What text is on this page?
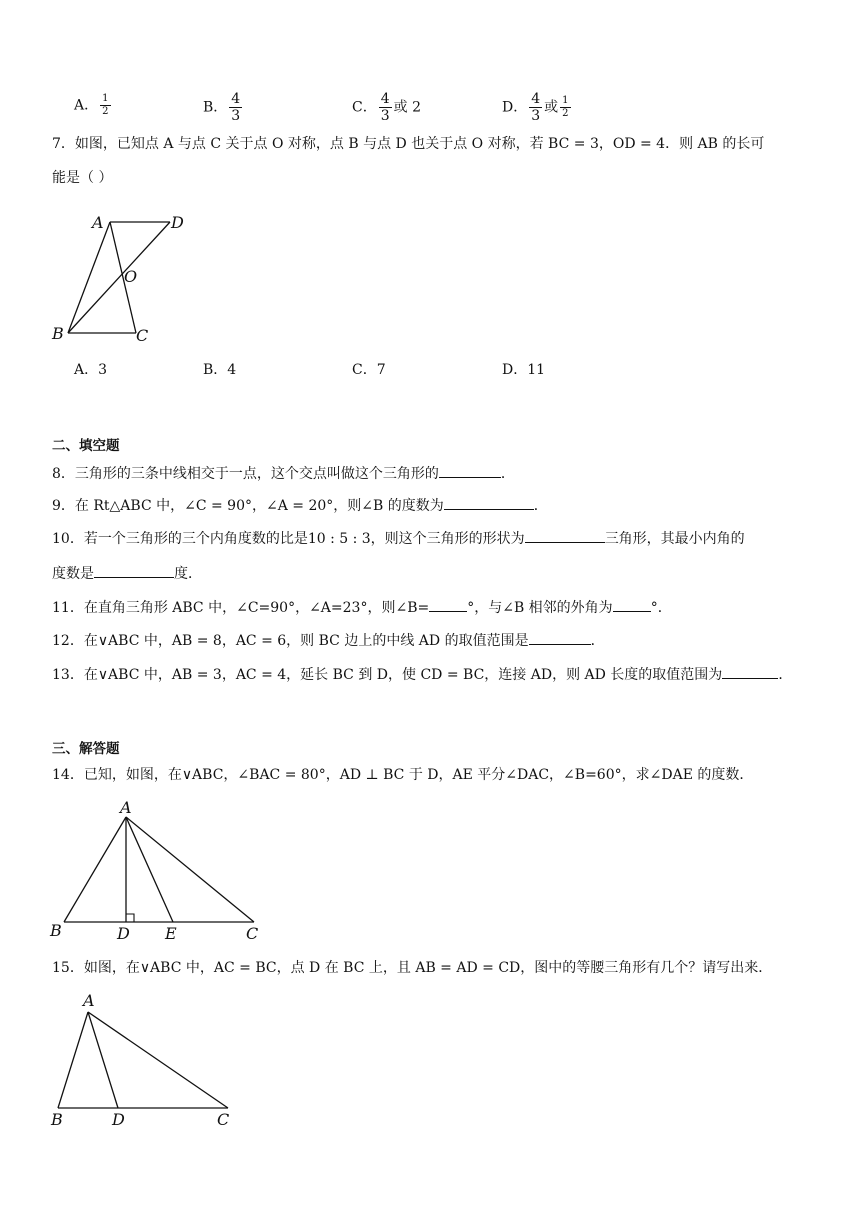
A． $\frac{1}{2}$	B． $\frac{4}{3}$	C． $\frac{4}{3}$ 或 2	D． $\frac{4}{3}$ 或 $\frac{1}{2}$
7．如图，已知点 A 与点 C 关于点 O 对称，点 B 与点 D 也关于点 O 对称，若 BC = 3，OD = 4．则 AB 的长可
能是（ ）
A	D
O
B	C
A．3	B．4	C．7	D．11
二、填空题
8．三角形的三条中线相交于一点，这个交点叫做这个三角形的	．
9．在 Rt△ABC 中，∠C = 90°，∠A = 20°，则∠B 的度数为	．
10．若一个三角形的三个内角度数的比是10 : 5 : 3，则这个三角形的形状为	三角形，其最小内角的
度数是	度．
11．在直角三角形 ABC 中，∠C=90°，∠A=23°，则∠B=	°，与∠B 相邻的外角为	°．
12．在∨ABC 中，AB = 8，AC = 6，则 BC 边上的中线 AD 的取值范围是	．
13．在∨ABC 中，AB = 3，AC = 4，延长 BC 到 D，使 CD = BC，连接 AD，则 AD 长度的取值范围为	．
三、解答题
14．已知，如图，在∨ABC，∠BAC = 80°，AD ⊥ BC 于 D，AE 平分∠DAC，∠B=60°，求∠DAE 的度数．
A
B	D E	C
15．如图，在∨ABC 中，AC = BC，点 D 在 BC 上，且 AB = AD = CD，图中的等腰三角形有几个？请写出来．
A
B	D	C
